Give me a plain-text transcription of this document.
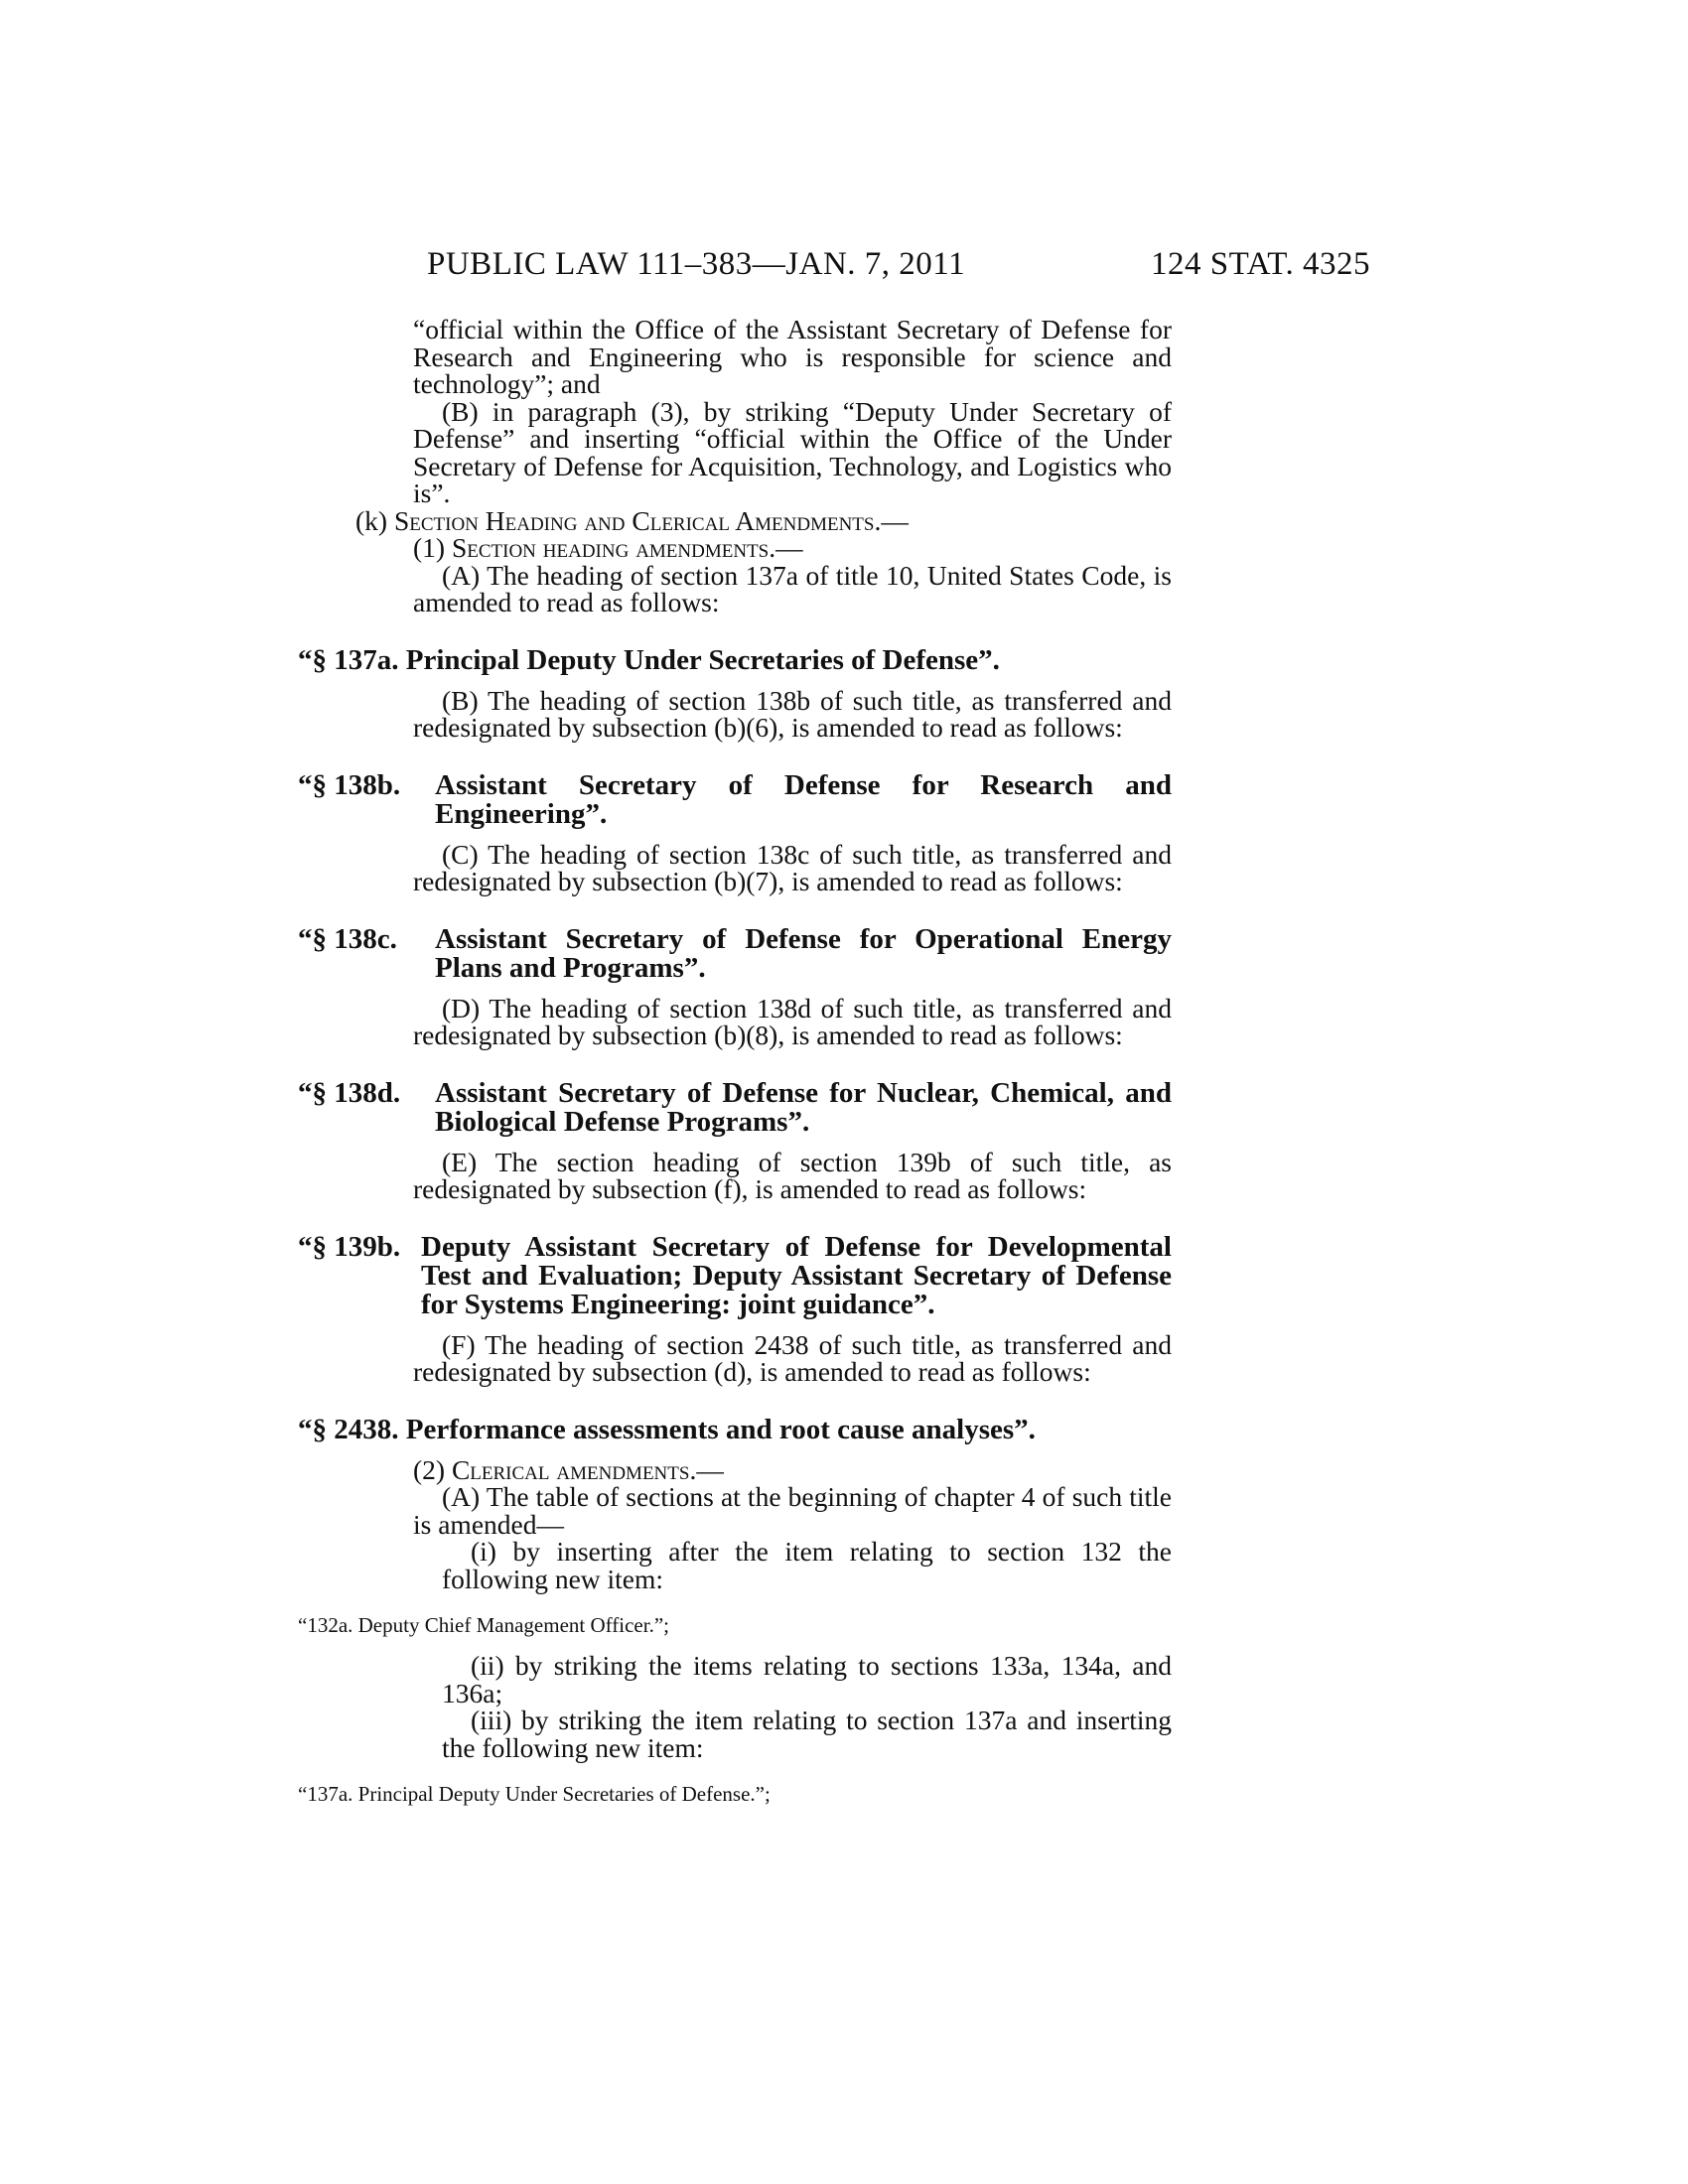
PUBLIC LAW 111–383—JAN. 7, 2011	124 STAT. 4325

“official within the Office of the Assistant Secretary of Defense for Research and Engineering who is responsible for science and technology”; and

(B) in paragraph (3), by striking “Deputy Under Secretary of Defense” and inserting “official within the Office of the Under Secretary of Defense for Acquisition, Technology, and Logistics who is”.

(k) Section Heading and Clerical Amendments.—

(1) Section heading amendments.—

(A) The heading of section 137a of title 10, United States Code, is amended to read as follows:

“§ 137a. Principal Deputy Under Secretaries of Defense”.

(B) The heading of section 138b of such title, as transferred and redesignated by subsection (b)(6), is amended to read as follows:

“§ 138b.	Assistant Secretary of Defense for Research and Engineering”.

(C) The heading of section 138c of such title, as transferred and redesignated by subsection (b)(7), is amended to read as follows:

“§ 138c.	Assistant Secretary of Defense for Operational Energy Plans and Programs”.

(D) The heading of section 138d of such title, as transferred and redesignated by subsection (b)(8), is amended to read as follows:

“§ 138d.	Assistant Secretary of Defense for Nuclear, Chemical, and Biological Defense Programs”.

(E) The section heading of section 139b of such title, as redesignated by subsection (f), is amended to read as follows:

“§ 139b. Deputy Assistant Secretary of Defense for Developmental Test and Evaluation; Deputy Assistant Secretary of Defense for Systems Engineering: joint guidance”.

(F) The heading of section 2438 of such title, as transferred and redesignated by subsection (d), is amended to read as follows:

“§ 2438. Performance assessments and root cause analyses”.

(2) Clerical amendments.—

(A) The table of sections at the beginning of chapter 4 of such title is amended—

(i) by inserting after the item relating to section 132 the following new item:

“132a. Deputy Chief Management Officer.”;

(ii) by striking the items relating to sections 133a, 134a, and 136a;

(iii) by striking the item relating to section 137a and inserting the following new item:

“137a. Principal Deputy Under Secretaries of Defense.”;
